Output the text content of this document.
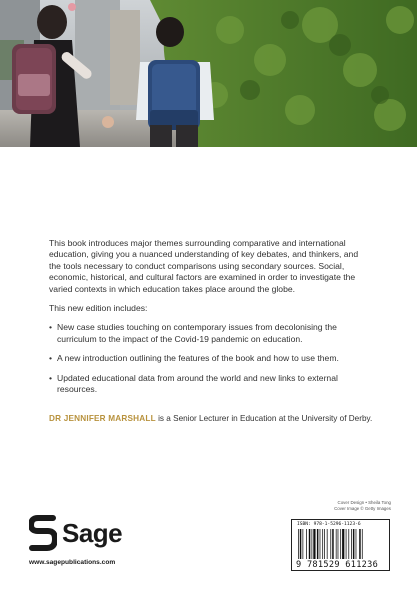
This book introduces major themes surrounding comparative and international education, giving you a nuanced understanding of key debates, and thinkers, and the tools necessary to conduct comparisons using secondary sources. Social, economic, historical, and cultural factors are examined in order to investigate the varied contexts in which education takes place around the globe.

This new edition includes:

• New case studies touching on contemporary issues from decolonising the curriculum to the impact of the Covid-19 pandemic on education.
• A new introduction outlining the features of the book and how to use them.
• Updated educational data from around the world and new links to external resources.
DR JENNIFER MARSHALL is a Senior Lecturer in Education at the University of Derby.
Cover Design • Sheila Tong
Cover Image © Getty Images
ISBN: 978-1-5296-1123-6
9 781529 611236
Sage
www.sagepublications.com
